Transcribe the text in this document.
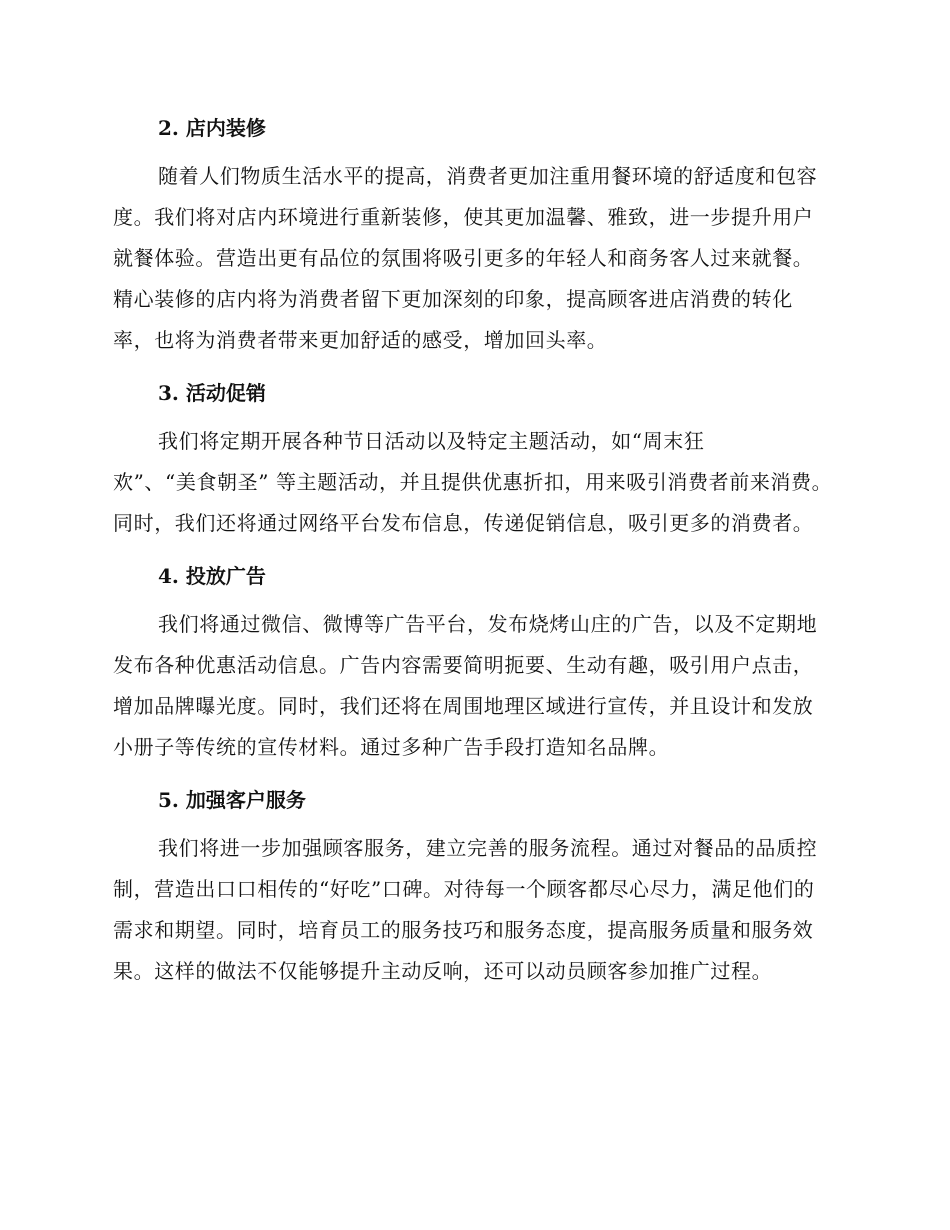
2. 店内装修

随着人们物质生活水平的提高，消费者更加注重用餐环境的舒适度和包容度。我们将对店内环境进行重新装修，使其更加温馨、雅致，进一步提升用户就餐体验。营造出更有品位的氛围将吸引更多的年轻人和商务客人过来就餐。精心装修的店内将为消费者留下更加深刻的印象，提高顾客进店消费的转化率，也将为消费者带来更加舒适的感受，增加回头率。

3. 活动促销

我们将定期开展各种节日活动以及特定主题活动，如“周末狂
欢”、“美食朝圣” 等主题活动，并且提供优惠折扣，用来吸引消费者前来消费。同时，我们还将通过网络平台发布信息，传递促销信息，吸引更多的消费者。

4. 投放广告

我们将通过微信、微博等广告平台，发布烧烤山庄的广告，以及不定期地发布各种优惠活动信息。广告内容需要简明扼要、生动有趣，吸引用户点击，增加品牌曝光度。同时，我们还将在周围地理区域进行宣传，并且设计和发放小册子等传统的宣传材料。通过多种广告手段打造知名品牌。

5. 加强客户服务

我们将进一步加强顾客服务，建立完善的服务流程。通过对餐品的品质控制，营造出口口相传的“好吃”口碑。对待每一个顾客都尽心尽力，满足他们的需求和期望。同时，培育员工的服务技巧和服务态度，提高服务质量和服务效果。这样的做法不仅能够提升主动反响，还可以动员顾客参加推广过程。
